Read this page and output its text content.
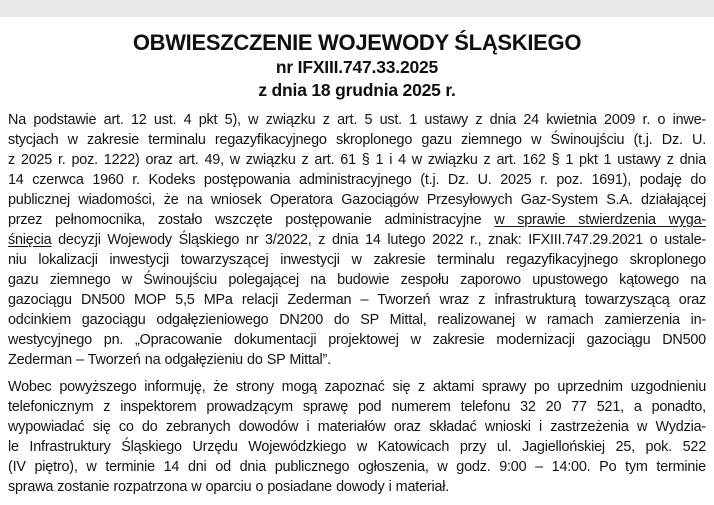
OBWIESZCZENIE WOJEWODY ŚLĄSKIEGO
nr IFXIII.747.33.2025
z dnia 18 grudnia 2025 r.
Na podstawie art. 12 ust. 4 pkt 5), w związku z art. 5 ust. 1 ustawy z dnia 24 kwietnia 2009 r. o inwe-
stycjach w zakresie terminalu regazyfikacyjnego skroplonego gazu ziemnego w Świnoujściu (t.j. Dz. U.
z 2025 r. poz. 1222) oraz art. 49, w związku z art. 61 § 1 i 4 w związku z art. 162 § 1 pkt 1 ustawy z dnia
14 czerwca 1960 r. Kodeks postępowania administracyjnego (t.j. Dz. U. 2025 r. poz. 1691), podaję do
publicznej wiadomości, że na wniosek Operatora Gazociągów Przesyłowych Gaz-System S.A. działającej
przez pełnomocnika, zostało wszczęte postępowanie administracyjne w sprawie stwierdzenia wyga-
śnięcia decyzji Wojewody Śląskiego nr 3/2022, z dnia 14 lutego 2022 r., znak: IFXIII.747.29.2021 o ustale-
niu lokalizacji inwestycji towarzyszącej inwestycji w zakresie terminalu regazyfikacyjnego skroplonego
gazu ziemnego w Świnoujściu polegającej na budowie zespołu zaporowo upustowego kątowego na
gazociągu DN500 MOP 5,5 MPa relacji Zederman – Tworzeń wraz z infrastrukturą towarzyszącą oraz
odcinkiem gazociągu odgałęzieniowego DN200 do SP Mittal, realizowanej w ramach zamierzenia in-
westycyjnego pn. „Opracowanie dokumentacji projektowej w zakresie modernizacji gazociągu DN500
Zederman – Tworzeń na odgałęzieniu do SP Mittal”.
Wobec powyższego informuję, że strony mogą zapoznać się z aktami sprawy po uprzednim uzgodnieniu
telefonicznym z inspektorem prowadzącym sprawę pod numerem telefonu 32 20 77 521, a ponadto,
wypowiadać się co do zebranych dowodów i materiałów oraz składać wnioski i zastrzeżenia w Wydzia-
le Infrastruktury Śląskiego Urzędu Wojewódzkiego w Katowicach przy ul. Jagiellońskiej 25, pok. 522
(IV piętro), w terminie 14 dni od dnia publicznego ogłoszenia, w godz. 9:00 – 14:00. Po tym terminie
sprawa zostanie rozpatrzona w oparciu o posiadane dowody i materiał.
